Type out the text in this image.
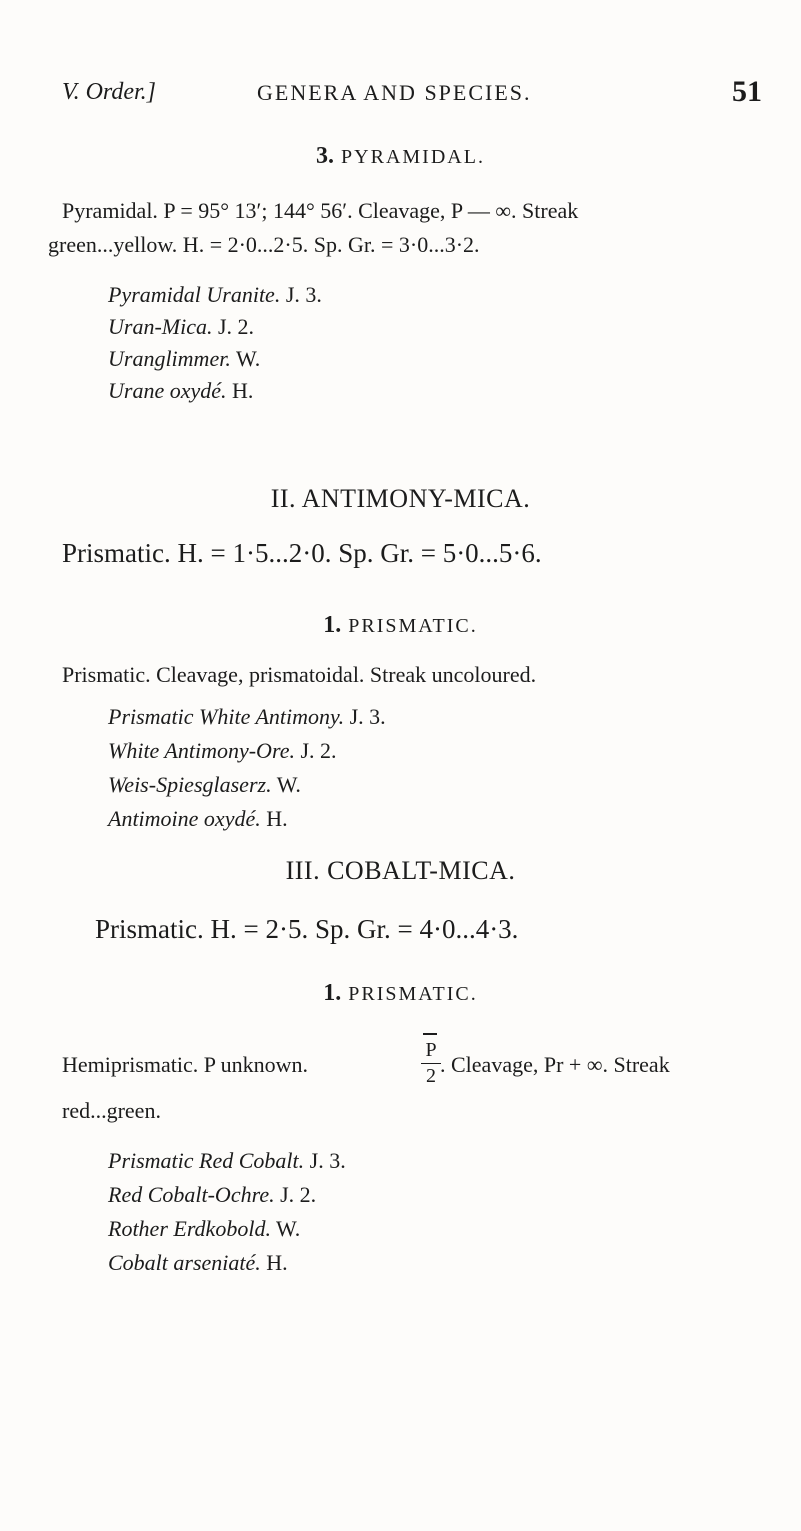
V. Order.]	GENERA AND SPECIES.	51
3. PYRAMIDAL.
Pyramidal. P = 95° 13′; 144° 56′. Cleavage, P — ∞. Streak
green...yellow. H. = 2·0...2·5. Sp. Gr. = 3·0...3·2.
Pyramidal Uranite. J. 3.
Uran-Mica. J. 2.
Uranglimmer. W.
Urane oxydé. H.
II. ANTIMONY-MICA.
Prismatic. H. = 1·5...2·0. Sp. Gr. = 5·0...5·6.
1. PRISMATIC.
Prismatic. Cleavage, prismatoidal. Streak uncoloured.
Prismatic White Antimony. J. 3.
White Antimony-Ore. J. 2.
Weis-Spiesglaserz. W.
Antimoine oxydé. H.
III. COBALT-MICA.
Prismatic. H. = 2·5. Sp. Gr. = 4·0...4·3.
1. PRISMATIC.
Hemiprismatic. P unknown.
P
2 . Cleavage, Pr + ∞. Streak
red...green.
Prismatic Red Cobalt. J. 3.
Red Cobalt-Ochre. J. 2.
Rother Erdkobold. W.
Cobalt arseniaté. H.
